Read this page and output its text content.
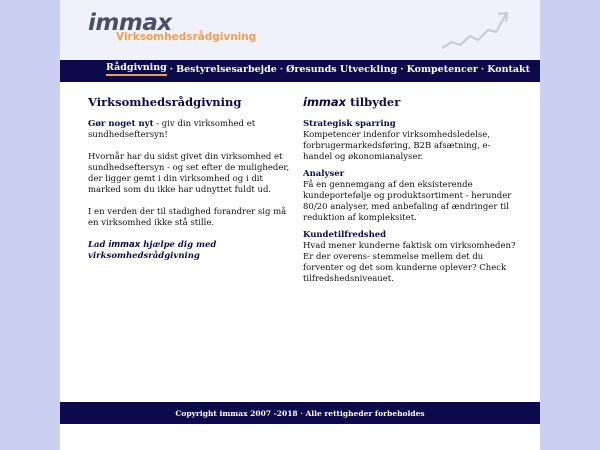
immax
Virksomhedsrådgivning
Rådgivning · Bestyrelsesarbejde · Øresunds Utveckling · Kompetencer · Kontakt
Virksomhedsrådgivning

Gør noget nyt - giv din virksomhed et sundhedseftersyn!

Hvornår har du sidst givet din virksomhed et sundhedseftersyn - og set efter de muligheder, der ligger gemt i din virksomhed og i dit marked som du ikke har udnyttet fuldt ud.

I en verden der til stadighed forandrer sig må en virksomhed ikke stå stille.

Lad immax hjælpe dig med virksomhedsrådgivning

immax tilbyder
Strategisk sparring
Kompetencer indenfor virksomhedsledelse, forbrugermarkedsføring, B2B afsætning, e-handel og økonomianalyser.
Analyser
Få en gennemgang af den eksisterende kundeportefølje og produktsortiment - herunder 80/20 analyser, med anbefaling af ændringer til reduktion af kompleksitet.
Kundetilfredshed
Hvad mener kunderne faktisk om virksomheden? Er der overens- stemmelse mellem det du forventer og det som kunderne oplever? Check tilfredshedsniveauet.
Copyright immax 2007 -2018 · Alle rettigheder forbeholdes
